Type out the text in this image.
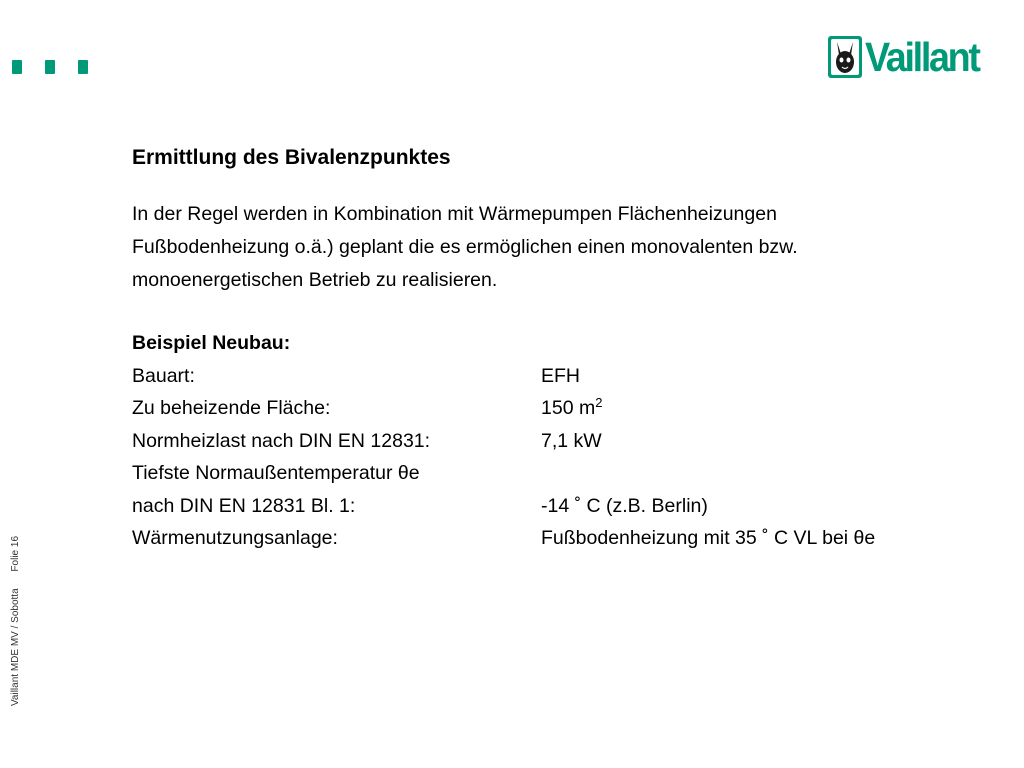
Vaillant
Vaillant MDE MV / Sobotta Folie 16
Ermittlung des Bivalenzpunktes
In der Regel werden in Kombination mit Wärmepumpen Flächenheizungen
Fußbodenheizung o.ä.) geplant die es ermöglichen einen monovalenten bzw.
monoenergetischen Betrieb zu realisieren.
Beispiel Neubau:
Bauart:	EFH
Zu beheizende Fläche:	150 $m^2$
Normheizlast nach DIN EN 12831:	7,1 kW
Tiefste Normaußentemperatur θe
nach DIN EN 12831 Bl. 1:	-14 ˚ C (z.B. Berlin)
Wärmenutzungsanlage:	Fußbodenheizung mit 35 ˚ C VL bei θe
